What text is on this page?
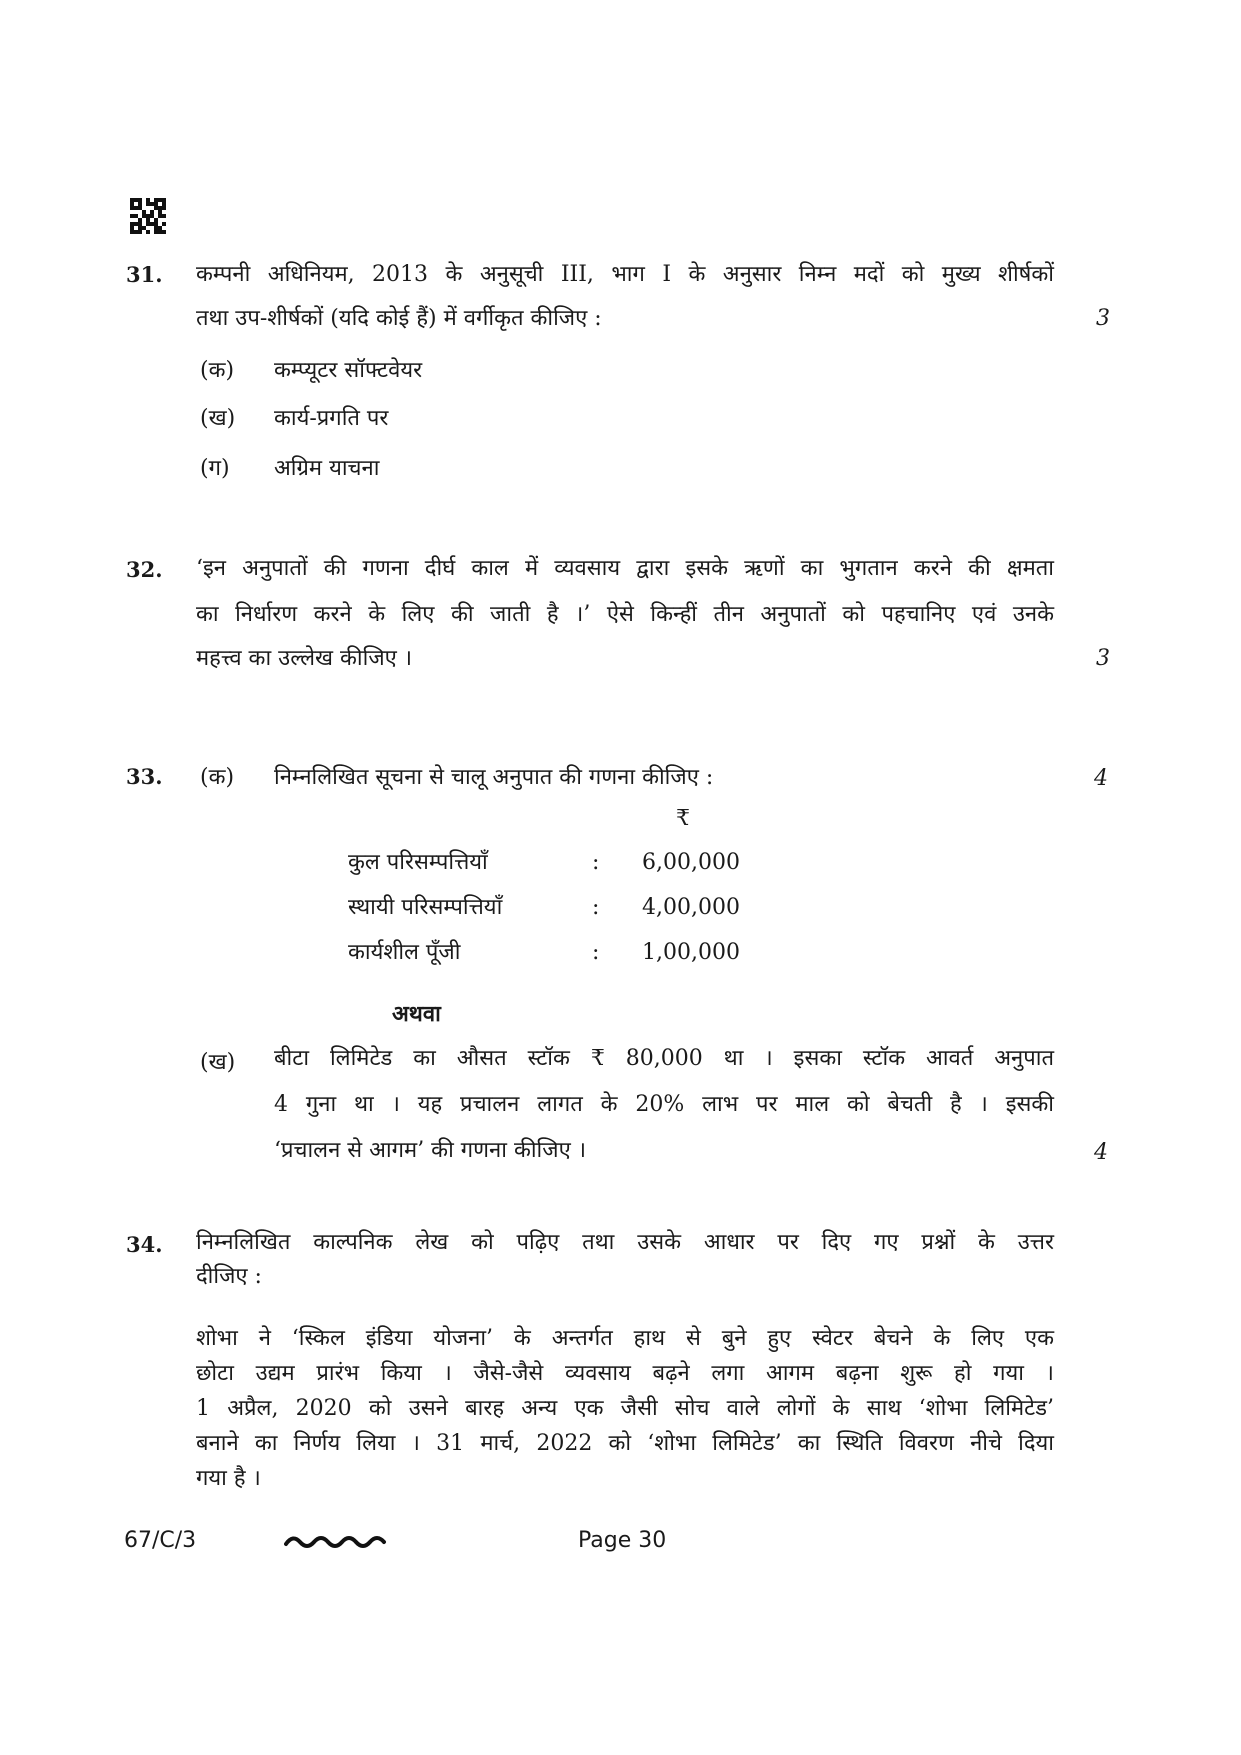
31. कम्पनी अधिनियम, 2013 के अनुसूची III, भाग I के अनुसार निम्न मदों को मुख्य शीर्षकों
तथा उप-शीर्षकों (यदि कोई हैं) में वर्गीकृत कीजिए :	3
(क) कम्प्यूटर सॉफ्टवेयर
(ख) कार्य-प्रगति पर
(ग) अग्रिम याचना
32. ‘इन अनुपातों की गणना दीर्घ काल में व्यवसाय द्वारा इसके ऋणों का भुगतान करने की क्षमता
का निर्धारण करने के लिए की जाती है ।’ ऐसे किन्हीं तीन अनुपातों को पहचानिए एवं उनके
महत्त्व का उल्लेख कीजिए ।	3
33. (क) निम्नलिखित सूचना से चालू अनुपात की गणना कीजिए :	4
₹
कुल परिसम्पत्तियाँ	: 6,00,000
स्थायी परिसम्पत्तियाँ	: 4,00,000
कार्यशील पूँजी	: 1,00,000
अथवा
(ख) बीटा लिमिटेड का औसत स्टॉक ₹ 80,000 था । इसका स्टॉक आवर्त अनुपात
4 गुना था । यह प्रचालन लागत के 20% लाभ पर माल को बेचती है । इसकी
‘प्रचालन से आगम’ की गणना कीजिए ।	4
34. निम्नलिखित काल्पनिक लेख को पढ़िए तथा उसके आधार पर दिए गए प्रश्नों के उत्तर
दीजिए :
शोभा ने ‘स्किल इंडिया योजना’ के अन्तर्गत हाथ से बुने हुए स्वेटर बेचने के लिए एक
छोटा उद्यम प्रारंभ किया । जैसे-जैसे व्यवसाय बढ़ने लगा आगम बढ़ना शुरू हो गया ।
1 अप्रैल, 2020 को उसने बारह अन्य एक जैसी सोच वाले लोगों के साथ ‘शोभा लिमिटेड’
बनाने का निर्णय लिया । 31 मार्च, 2022 को ‘शोभा लिमिटेड’ का स्थिति विवरण नीचे दिया
गया है ।
67/C/3	Page 30
